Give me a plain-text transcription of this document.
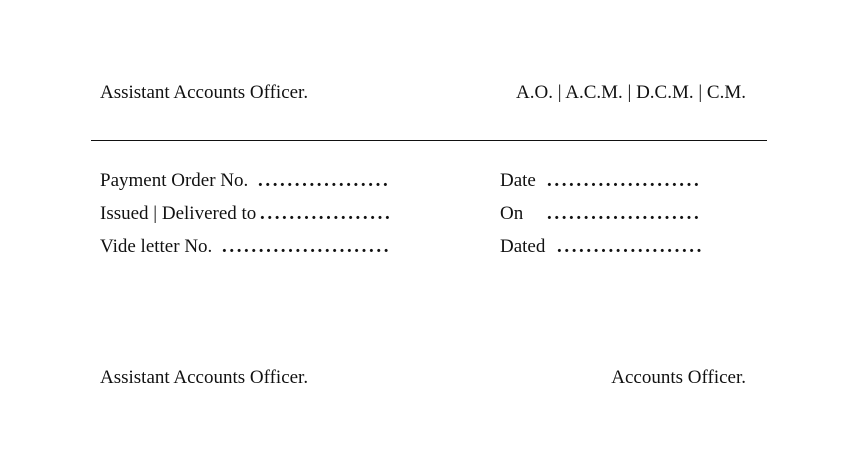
Assistant Accounts Officer.	A.O. | A.C.M. | D.C.M. | C.M.
Payment Order No. ..................
Issued | Delivered to ..................
Vide letter No. .......................
Date .....................
On .....................
Dated ....................
Assistant Accounts Officer.	Accounts Officer.
